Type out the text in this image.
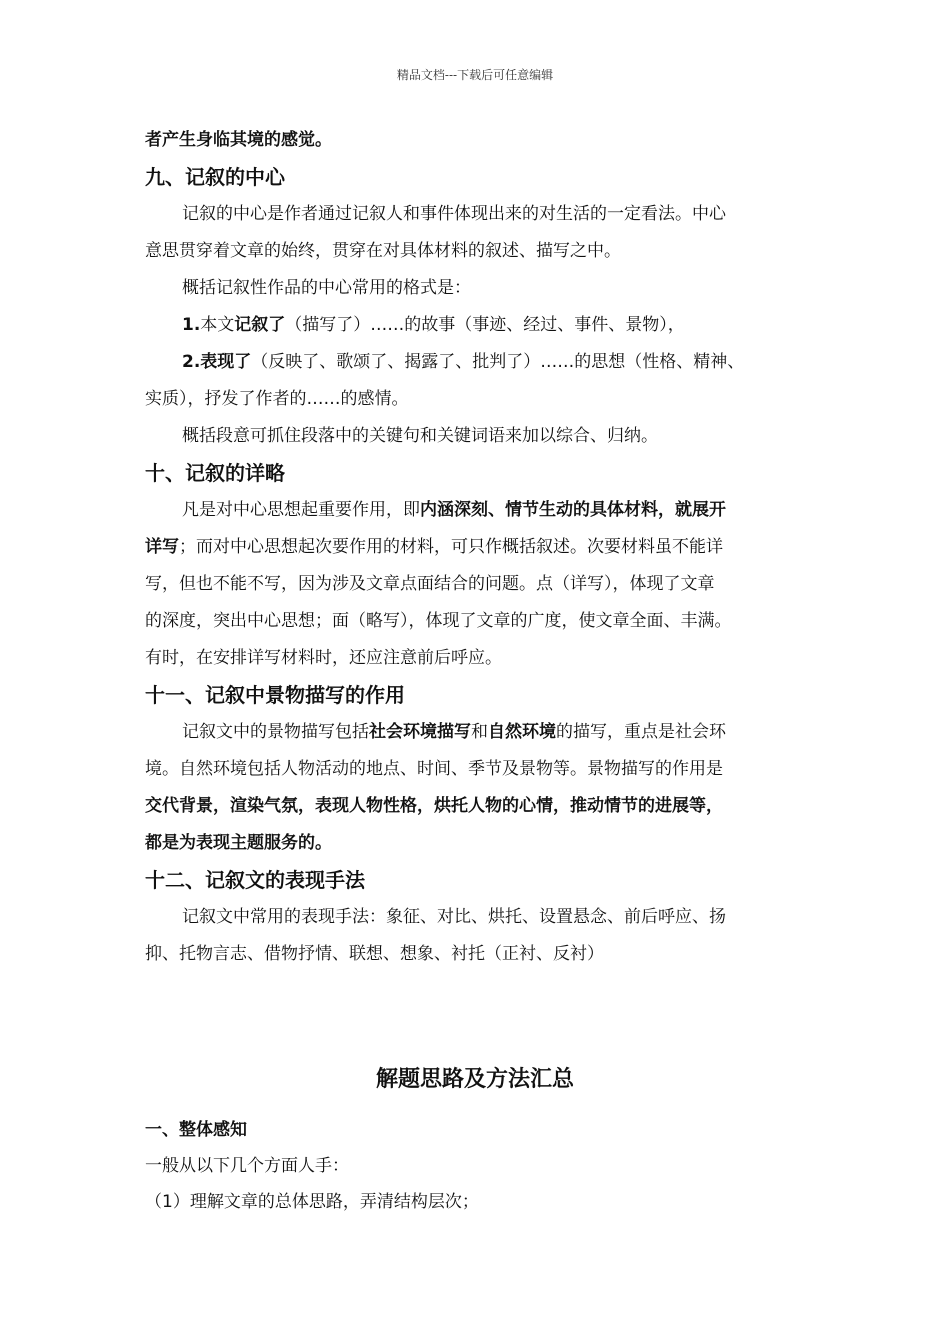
精品文档---下载后可任意编辑
者产生身临其境的感觉。
九、记叙的中心
记叙的中心是作者通过记叙人和事件体现出来的对生活的一定看法。中心
意思贯穿着文章的始终，贯穿在对具体材料的叙述、描写之中。
概括记叙性作品的中心常用的格式是：
1.本文记叙了（描写了）……的故事（事迹、经过、事件、景物），
2.表现了（反映了、歌颂了、揭露了、批判了）……的思想（性格、精神、
实质），抒发了作者的……的感情。
概括段意可抓住段落中的关键句和关键词语来加以综合、归纳。
十、记叙的详略
凡是对中心思想起重要作用，即内涵深刻、情节生动的具体材料，就展开
详写；而对中心思想起次要作用的材料，可只作概括叙述。次要材料虽不能详
写，但也不能不写，因为涉及文章点面结合的问题。点（详写），体现了文章
的深度，突出中心思想；面（略写），体现了文章的广度，使文章全面、丰满。
有时，在安排详写材料时，还应注意前后呼应。
十一、记叙中景物描写的作用
记叙文中的景物描写包括社会环境描写和自然环境的描写，重点是社会环
境。自然环境包括人物活动的地点、时间、季节及景物等。景物描写的作用是
交代背景，渲染气氛，表现人物性格，烘托人物的心情，推动情节的进展等，
都是为表现主题服务的。
十二、记叙文的表现手法
记叙文中常用的表现手法：象征、对比、烘托、设置悬念、前后呼应、扬
抑、托物言志、借物抒情、联想、想象、衬托（正衬、反衬）
解题思路及方法汇总
一、整体感知
一般从以下几个方面人手：
（1）理解文章的总体思路，弄清结构层次；
